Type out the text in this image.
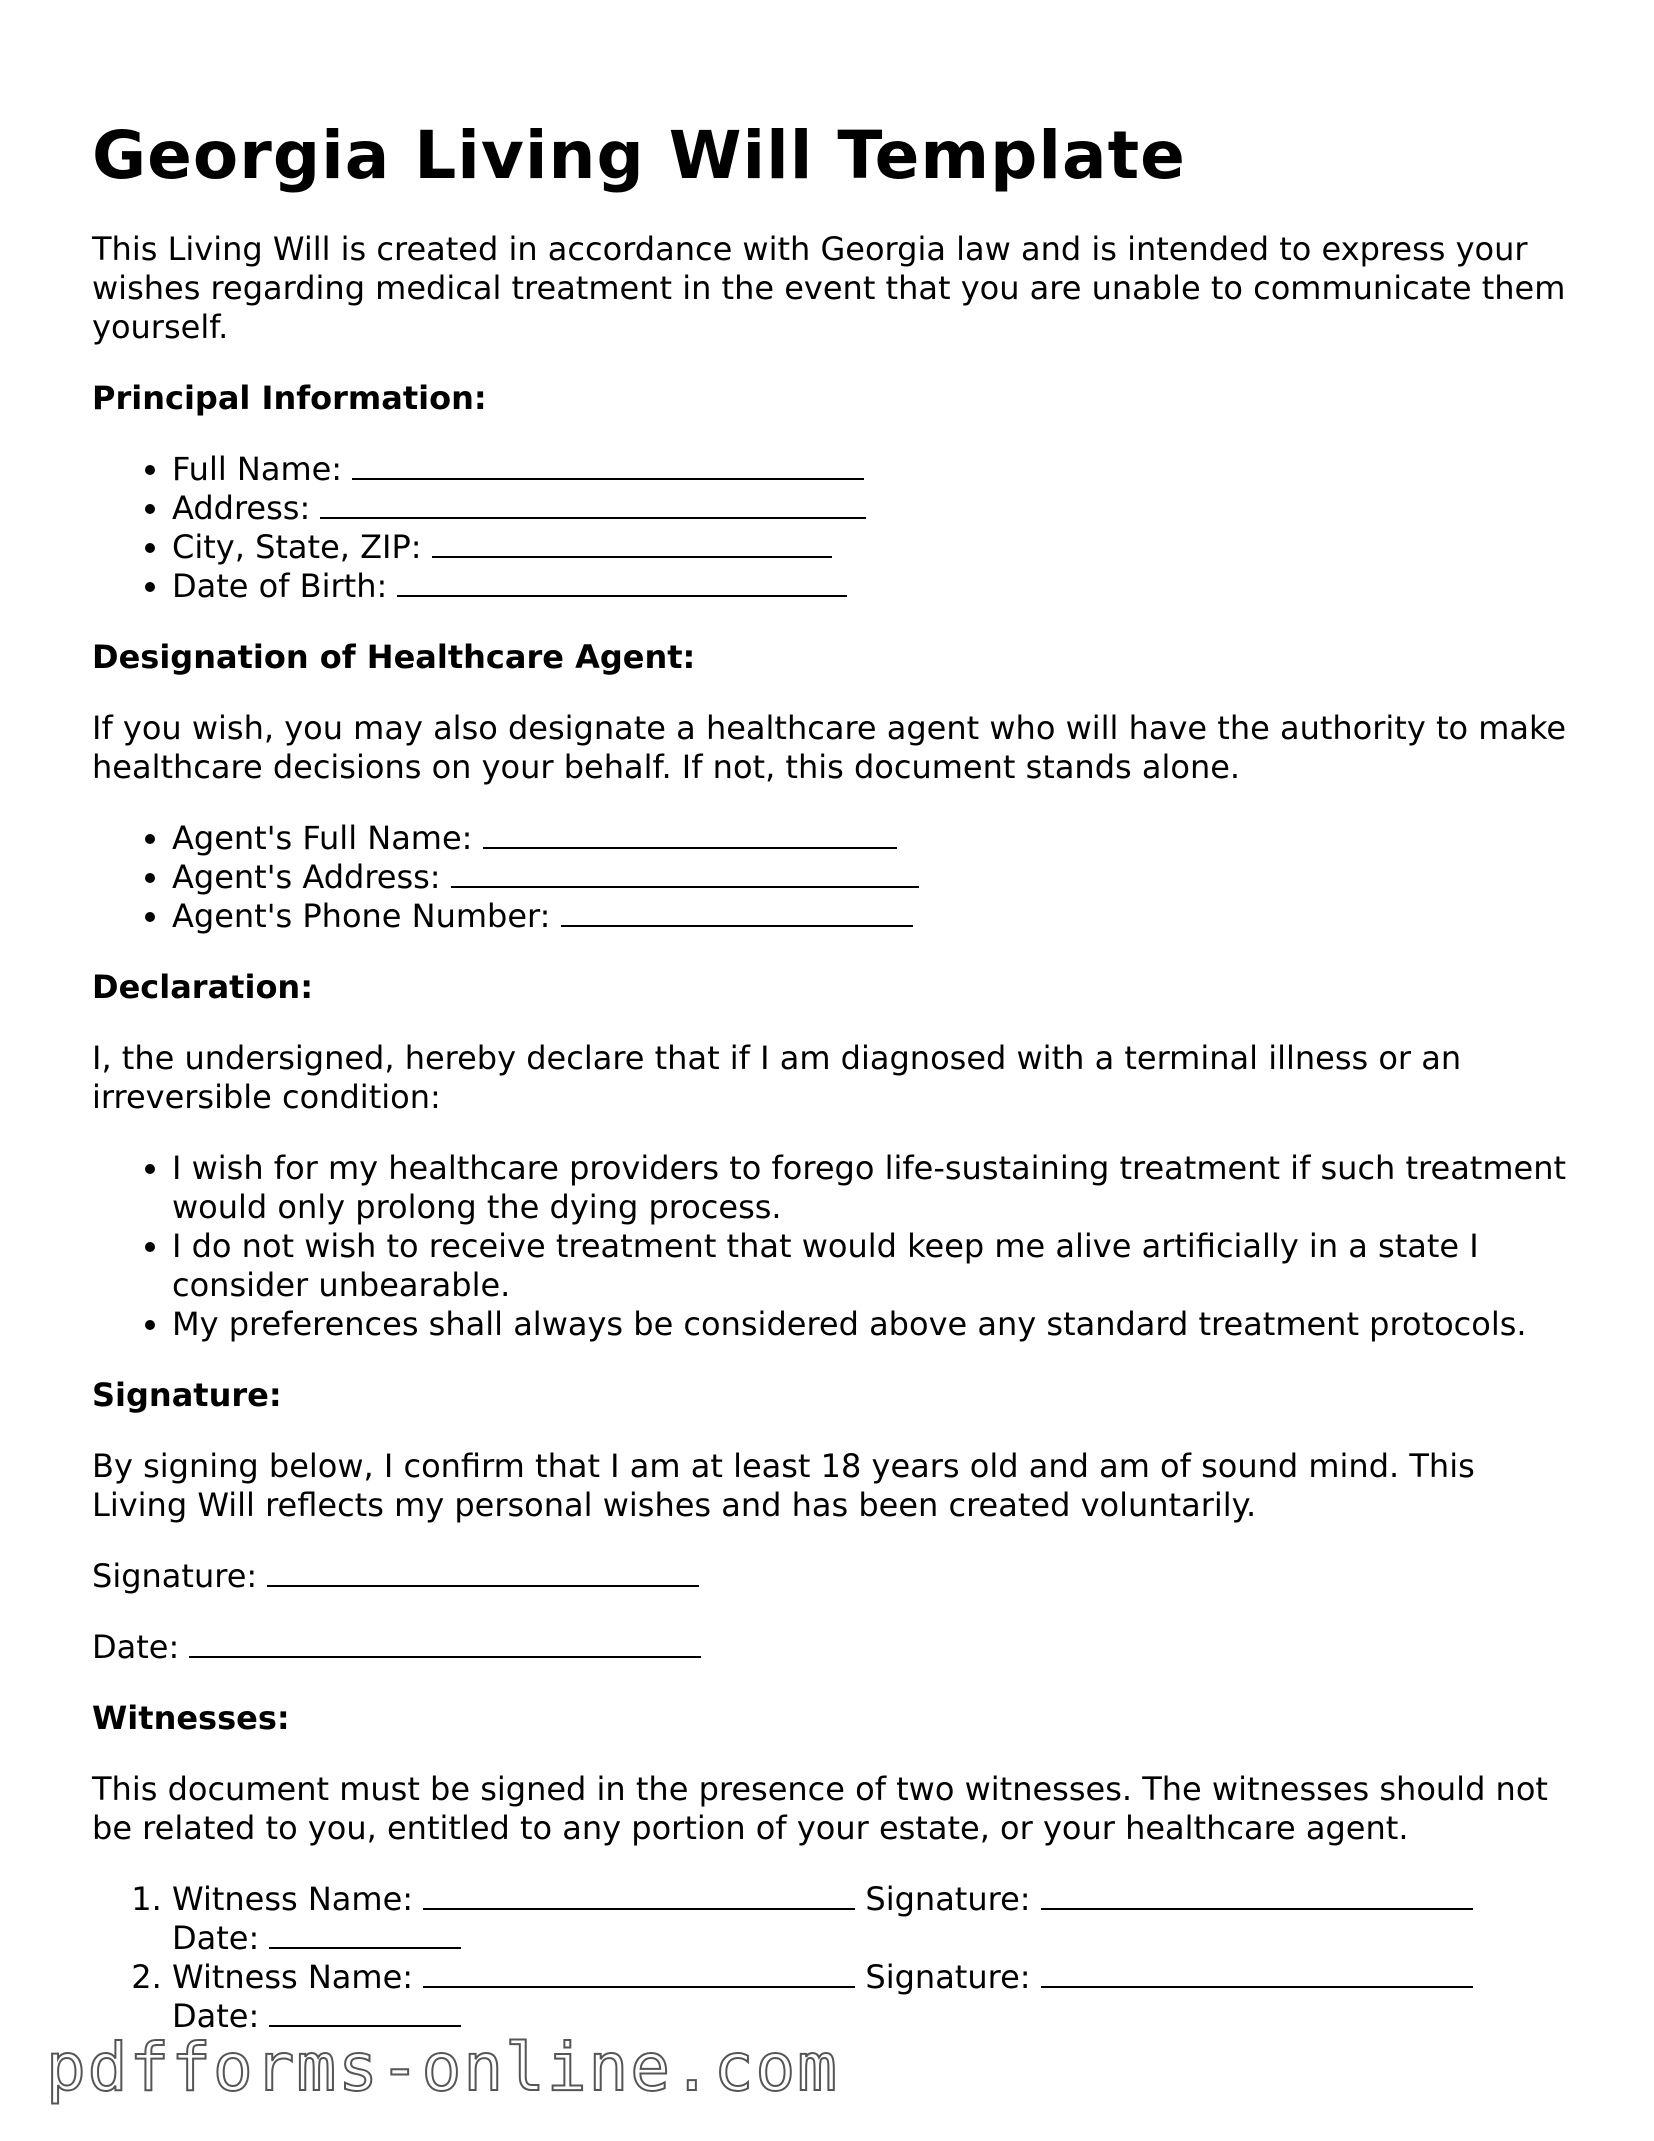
Georgia Living Will Template

This Living Will is created in accordance with Georgia law and is intended to express your wishes regarding medical treatment in the event that you are unable to communicate them yourself.

Principal Information:
• Full Name:
• Address:
• City, State, ZIP:
• Date of Birth:
Designation of Healthcare Agent:

If you wish, you may also designate a healthcare agent who will have the authority to make healthcare decisions on your behalf. If not, this document stands alone.

• Agent's Full Name:
• Agent's Address:
• Agent's Phone Number:
Declaration:

I, the undersigned, hereby declare that if I am diagnosed with a terminal illness or an irreversible condition:

• I wish for my healthcare providers to forego life-sustaining treatment if such treatment would only prolong the dying process.
• I do not wish to receive treatment that would keep me alive artificially in a state I consider unbearable.
• My preferences shall always be considered above any standard treatment protocols.
Signature:

By signing below, I confirm that I am at least 18 years old and am of sound mind. This Living Will reflects my personal wishes and has been created voluntarily.

Signature:

Date:

Witnesses:

This document must be signed in the presence of two witnesses. The witnesses should not be related to you, entitled to any portion of your estate, or your healthcare agent.

1. Witness Name:	Signature:
Date:
2. Witness Name:	Signature:
Date:
pdfforms-online.com
